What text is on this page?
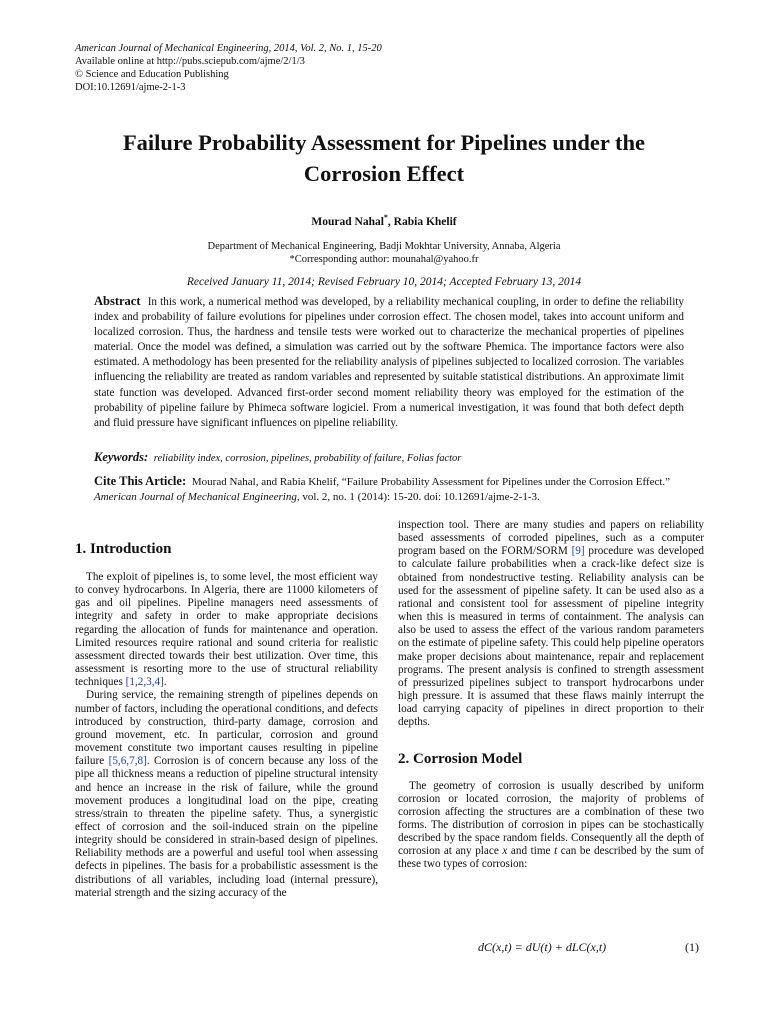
American Journal of Mechanical Engineering, 2014, Vol. 2, No. 1, 15-20
Available online at http://pubs.sciepub.com/ajme/2/1/3
© Science and Education Publishing
DOI:10.12691/ajme-2-1-3
Failure Probability Assessment for Pipelines under the
Corrosion Effect
Mourad Nahal*, Rabia Khelif
Department of Mechanical Engineering, Badji Mokhtar University, Annaba, Algeria
*Corresponding author: mounahal@yahoo.fr
Received January 11, 2014; Revised February 10, 2014; Accepted February 13, 2014
Abstract In this work, a numerical method was developed, by a reliability mechanical coupling, in order to define the reliability index and probability of failure evolutions for pipelines under corrosion effect. The chosen model, takes into account uniform and localized corrosion. Thus, the hardness and tensile tests were worked out to characterize the mechanical properties of pipelines material. Once the model was defined, a simulation was carried out by the software Phemica. The importance factors were also estimated. A methodology has been presented for the reliability analysis of pipelines subjected to localized corrosion. The variables influencing the reliability are treated as random variables and represented by suitable statistical distributions. An approximate limit state function was developed. Advanced first-order second moment reliability theory was employed for the estimation of the probability of pipeline failure by Phimeca software logiciel. From a numerical investigation, it was found that both defect depth and fluid pressure have significant influences on pipeline reliability.
Keywords: reliability index, corrosion, pipelines, probability of failure, Folias factor
Cite This Article: Mourad Nahal, and Rabia Khelif, “Failure Probability Assessment for Pipelines under the Corrosion Effect.” American Journal of Mechanical Engineering, vol. 2, no. 1 (2014): 15-20. doi: 10.12691/ajme-2-1-3.
1. Introduction

The exploit of pipelines is, to some level, the most efficient way to convey hydrocarbons. In Algeria, there are 11000 kilometers of gas and oil pipelines. Pipeline managers need assessments of integrity and safety in order to make appropriate decisions regarding the allocation of funds for maintenance and operation. Limited resources require rational and sound criteria for realistic assessment directed towards their best utilization. Over time, this assessment is resorting more to the use of structural reliability techniques [1,2,3,4].

During service, the remaining strength of pipelines depends on number of factors, including the operational conditions, and defects introduced by construction, third-party damage, corrosion and ground movement, etc. In particular, corrosion and ground movement constitute two important causes resulting in pipeline failure [5,6,7,8]. Corrosion is of concern because any loss of the pipe all thickness means a reduction of pipeline structural intensity and hence an increase in the risk of failure, while the ground movement produces a longitudinal load on the pipe, creating stress/strain to threaten the pipeline safety. Thus, a synergistic effect of corrosion and the soil-induced strain on the pipeline integrity should be considered in strain-based design of pipelines. Reliability methods are a powerful and useful tool when assessing defects in pipelines. The basis for a probabilistic assessment is the distributions of all variables, including load (internal pressure), material strength and the sizing accuracy of the

inspection tool. There are many studies and papers on reliability based assessments of corroded pipelines, such as a computer program based on the FORM/SORM [9] procedure was developed to calculate failure probabilities when a crack-like defect size is obtained from nondestructive testing. Reliability analysis can be used for the assessment of pipeline safety. It can be used also as a rational and consistent tool for assessment of pipeline integrity when this is measured in terms of containment. The analysis can also be used to assess the effect of the various random parameters on the estimate of pipeline safety. This could help pipeline operators make proper decisions about maintenance, repair and replacement programs. The present analysis is confined to strength assessment of pressurized pipelines subject to transport hydrocarbons under high pressure. It is assumed that these flaws mainly interrupt the load carrying capacity of pipelines in direct proportion to their depths.

2. Corrosion Model

The geometry of corrosion is usually described by uniform corrosion or located corrosion, the majority of problems of corrosion affecting the structures are a combination of these two forms. The distribution of corrosion in pipes can be stochastically described by the space random fields. Consequently all the depth of corrosion at any place x and time t can be described by the sum of these two types of corrosion:

dC(x,t) = dU(t) + dLC(x,t)	(1)
